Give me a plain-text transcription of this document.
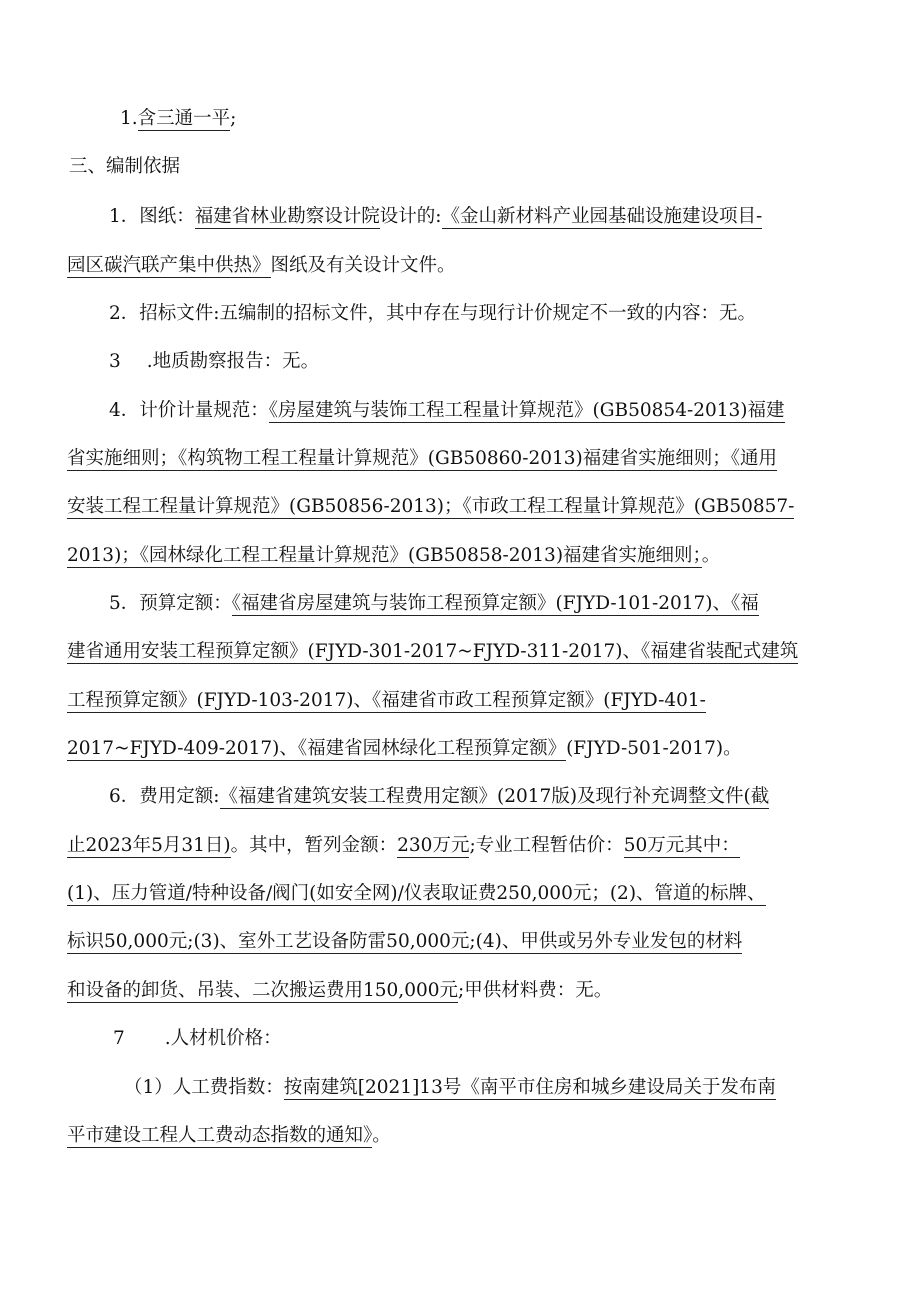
1.含三通一平;
三、编制依据
1．图纸：福建省林业勘察设计院设计的:《金山新材料产业园基础设施建设项目-
园区碳汽联产集中供热》图纸及有关设计文件。
2．招标文件:五编制的招标文件，其中存在与现行计价规定不一致的内容：无。
3 .地质勘察报告：无。
4．计价计量规范：《房屋建筑与装饰工程工程量计算规范》(GB50854-2013)福建
省实施细则；《构筑物工程工程量计算规范》(GB50860-2013)福建省实施细则；《通用
安装工程工程量计算规范》(GB50856-2013)；《市政工程工程量计算规范》(GB50857-
2013)；《园林绿化工程工程量计算规范》(GB50858-2013)福建省实施细则；。
5．预算定额：《福建省房屋建筑与装饰工程预算定额》(FJYD-101-2017)、《福
建省通用安装工程预算定额》(FJYD-301-2017~FJYD-311-2017)、《福建省装配式建筑
工程预算定额》(FJYD-103-2017)、《福建省市政工程预算定额》(FJYD-401-
2017~FJYD-409-2017)、《福建省园林绿化工程预算定额》(FJYD-501-2017)。
6．费用定额:《福建省建筑安装工程费用定额》(2017版)及现行补充调整文件(截
止2023年5月31日)。其中，暂列金额：230万元;专业工程暂估价：50万元其中：
(1)、压力管道/特种设备/阀门(如安全网)/仪表取证费250,000元；(2)、管道的标牌、
标识50,000元;(3)、室外工艺设备防雷50,000元;(4)、甲供或另外专业发包的材料
和设备的卸货、吊装、二次搬运费用150,000元;甲供材料费：无。
7 .人材机价格：
（1）人工费指数：按南建筑[2021]13号《南平市住房和城乡建设局关于发布南
平市建设工程人工费动态指数的通知》。
